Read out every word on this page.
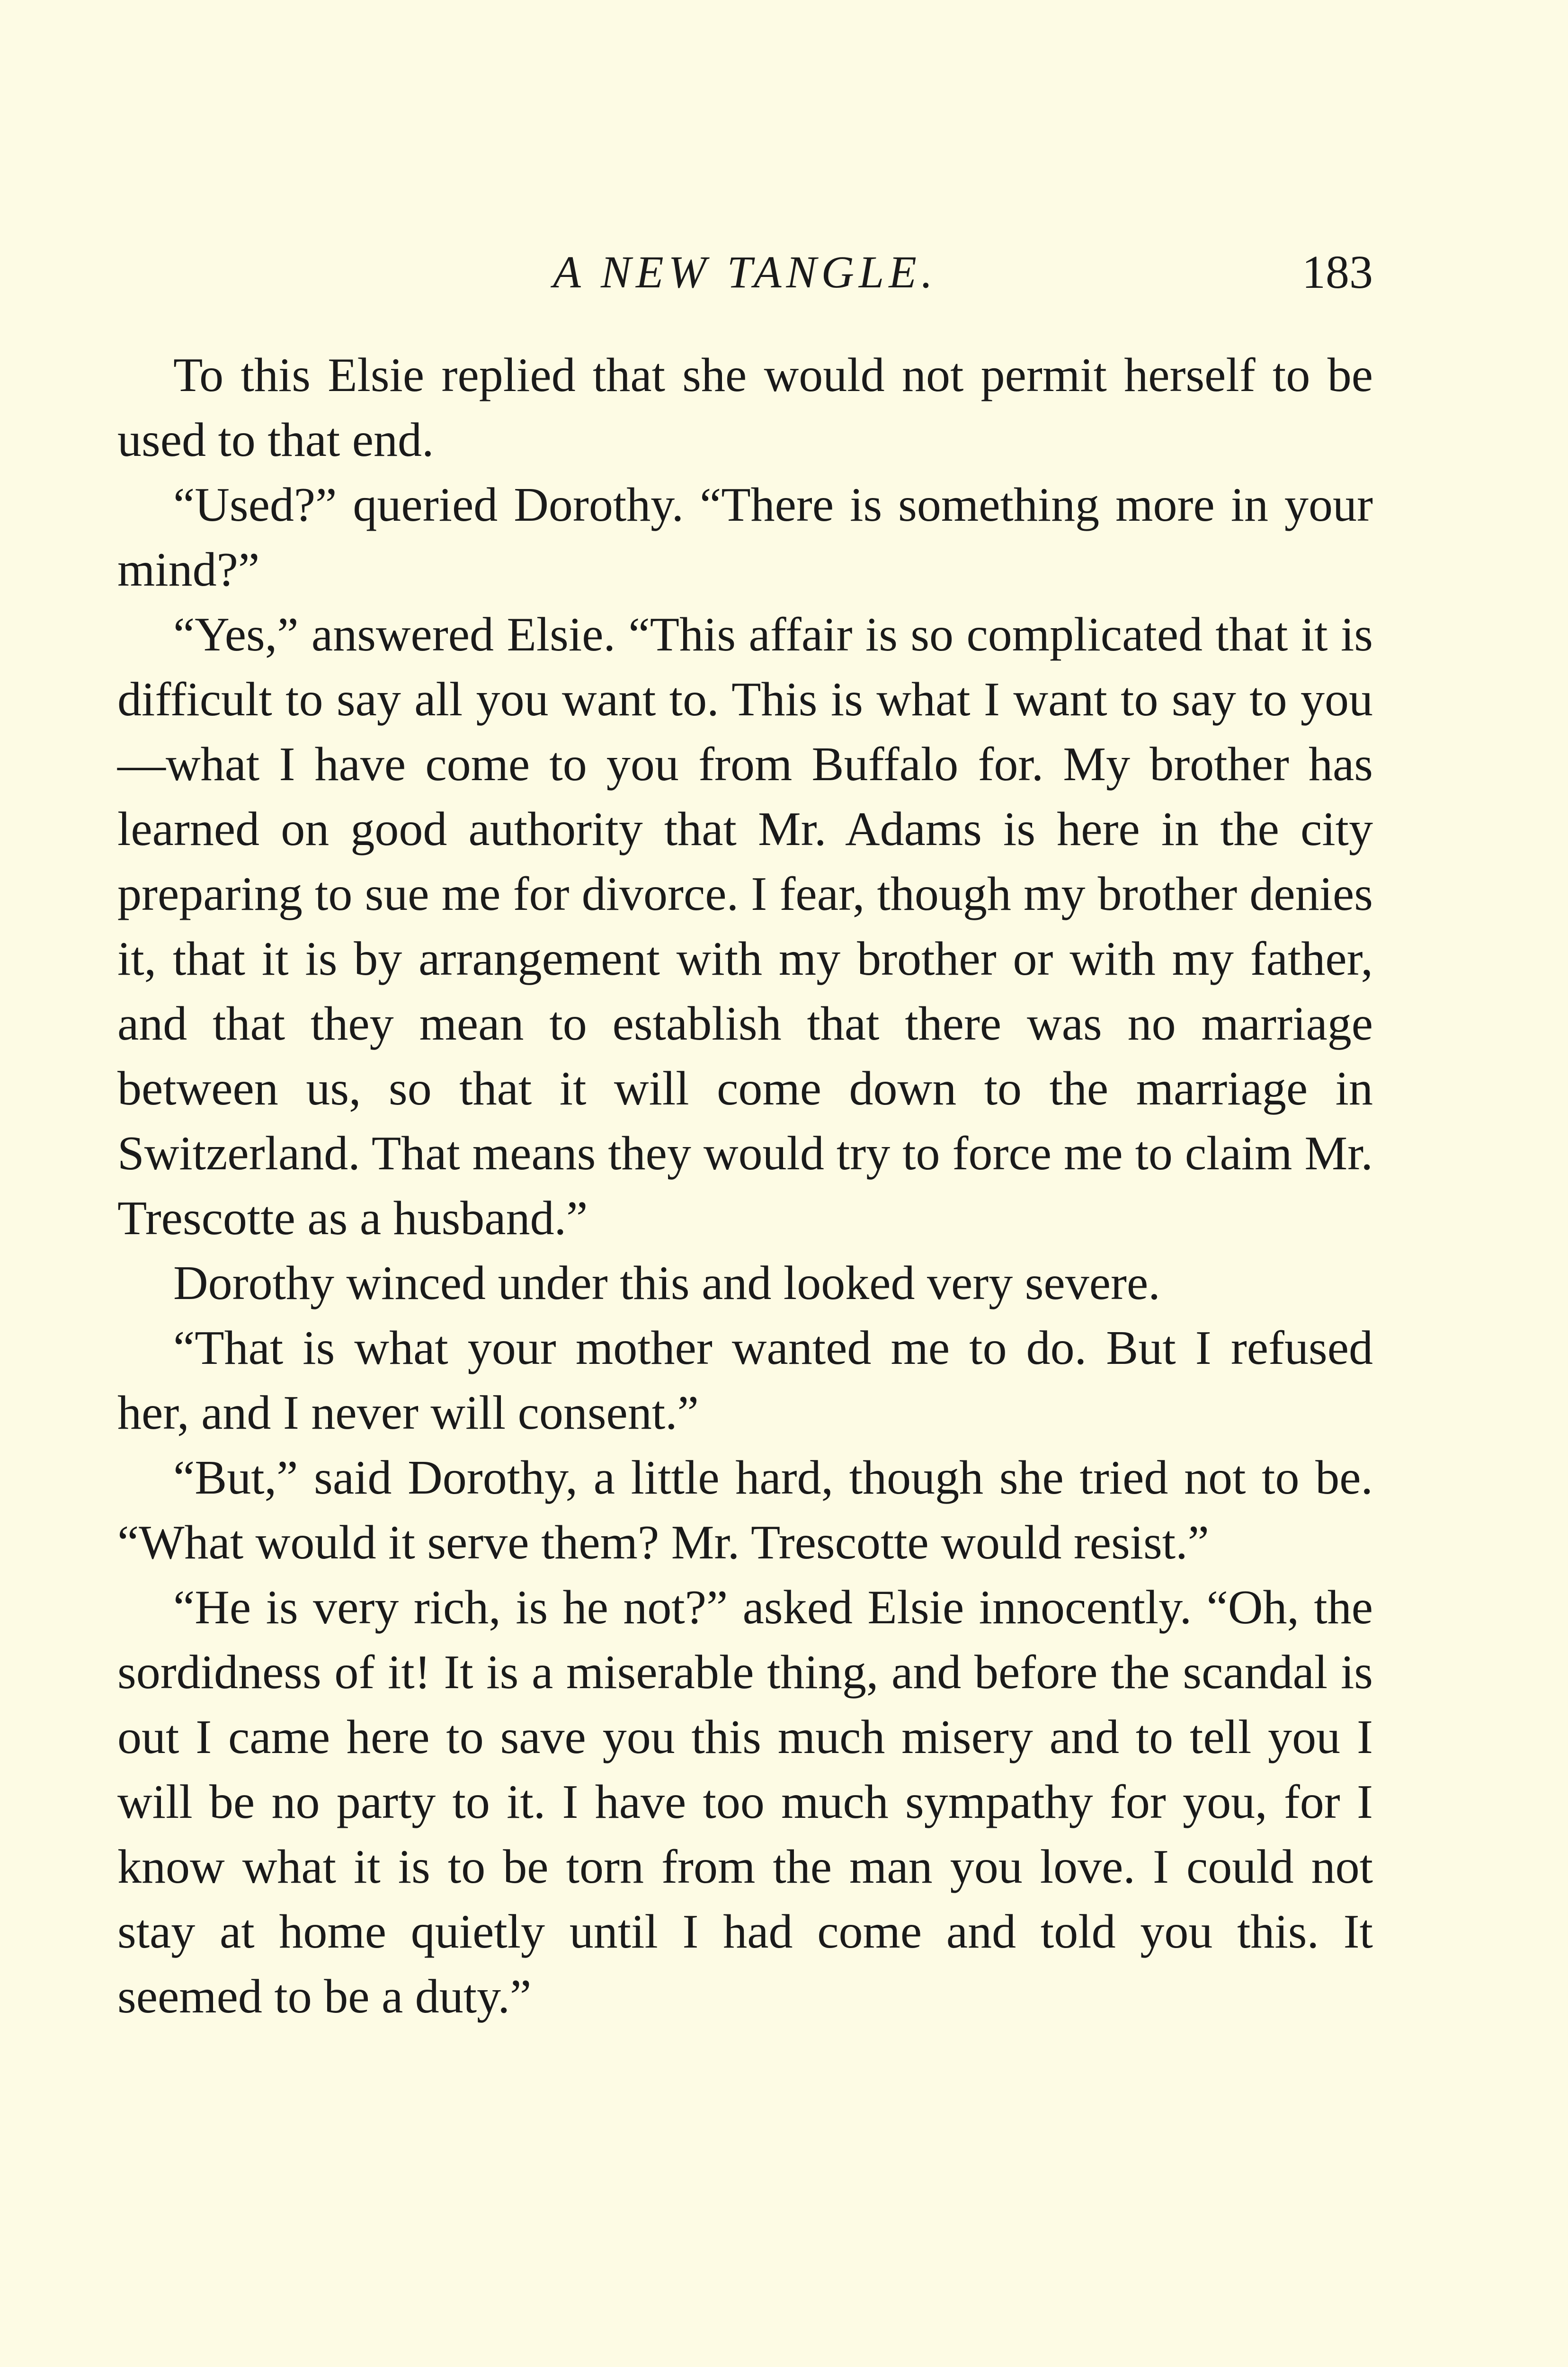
A NEW TANGLE.	183

To this Elsie replied that she would not permit herself to be used to that end.

“Used?” queried Dorothy. “There is something more in your mind?”

“Yes,” answered Elsie. “This affair is so complicated that it is difficult to say all you want to. This is what I want to say to you—what I have come to you from Buffalo for. My brother has learned on good authority that Mr. Adams is here in the city preparing to sue me for divorce. I fear, though my brother denies it, that it is by arrangement with my brother or with my father, and that they mean to establish that there was no marriage between us, so that it will come down to the marriage in Switzerland. That means they would try to force me to claim Mr. Trescotte as a husband.”

Dorothy winced under this and looked very severe.

“That is what your mother wanted me to do. But I refused her, and I never will consent.”

“But,” said Dorothy, a little hard, though she tried not to be. “What would it serve them? Mr. Trescotte would resist.”

“He is very rich, is he not?” asked Elsie innocently. “Oh, the sordidness of it! It is a miserable thing, and before the scandal is out I came here to save you this much misery and to tell you I will be no party to it. I have too much sympathy for you, for I know what it is to be torn from the man you love. I could not stay at home quietly until I had come and told you this. It seemed to be a duty.”
